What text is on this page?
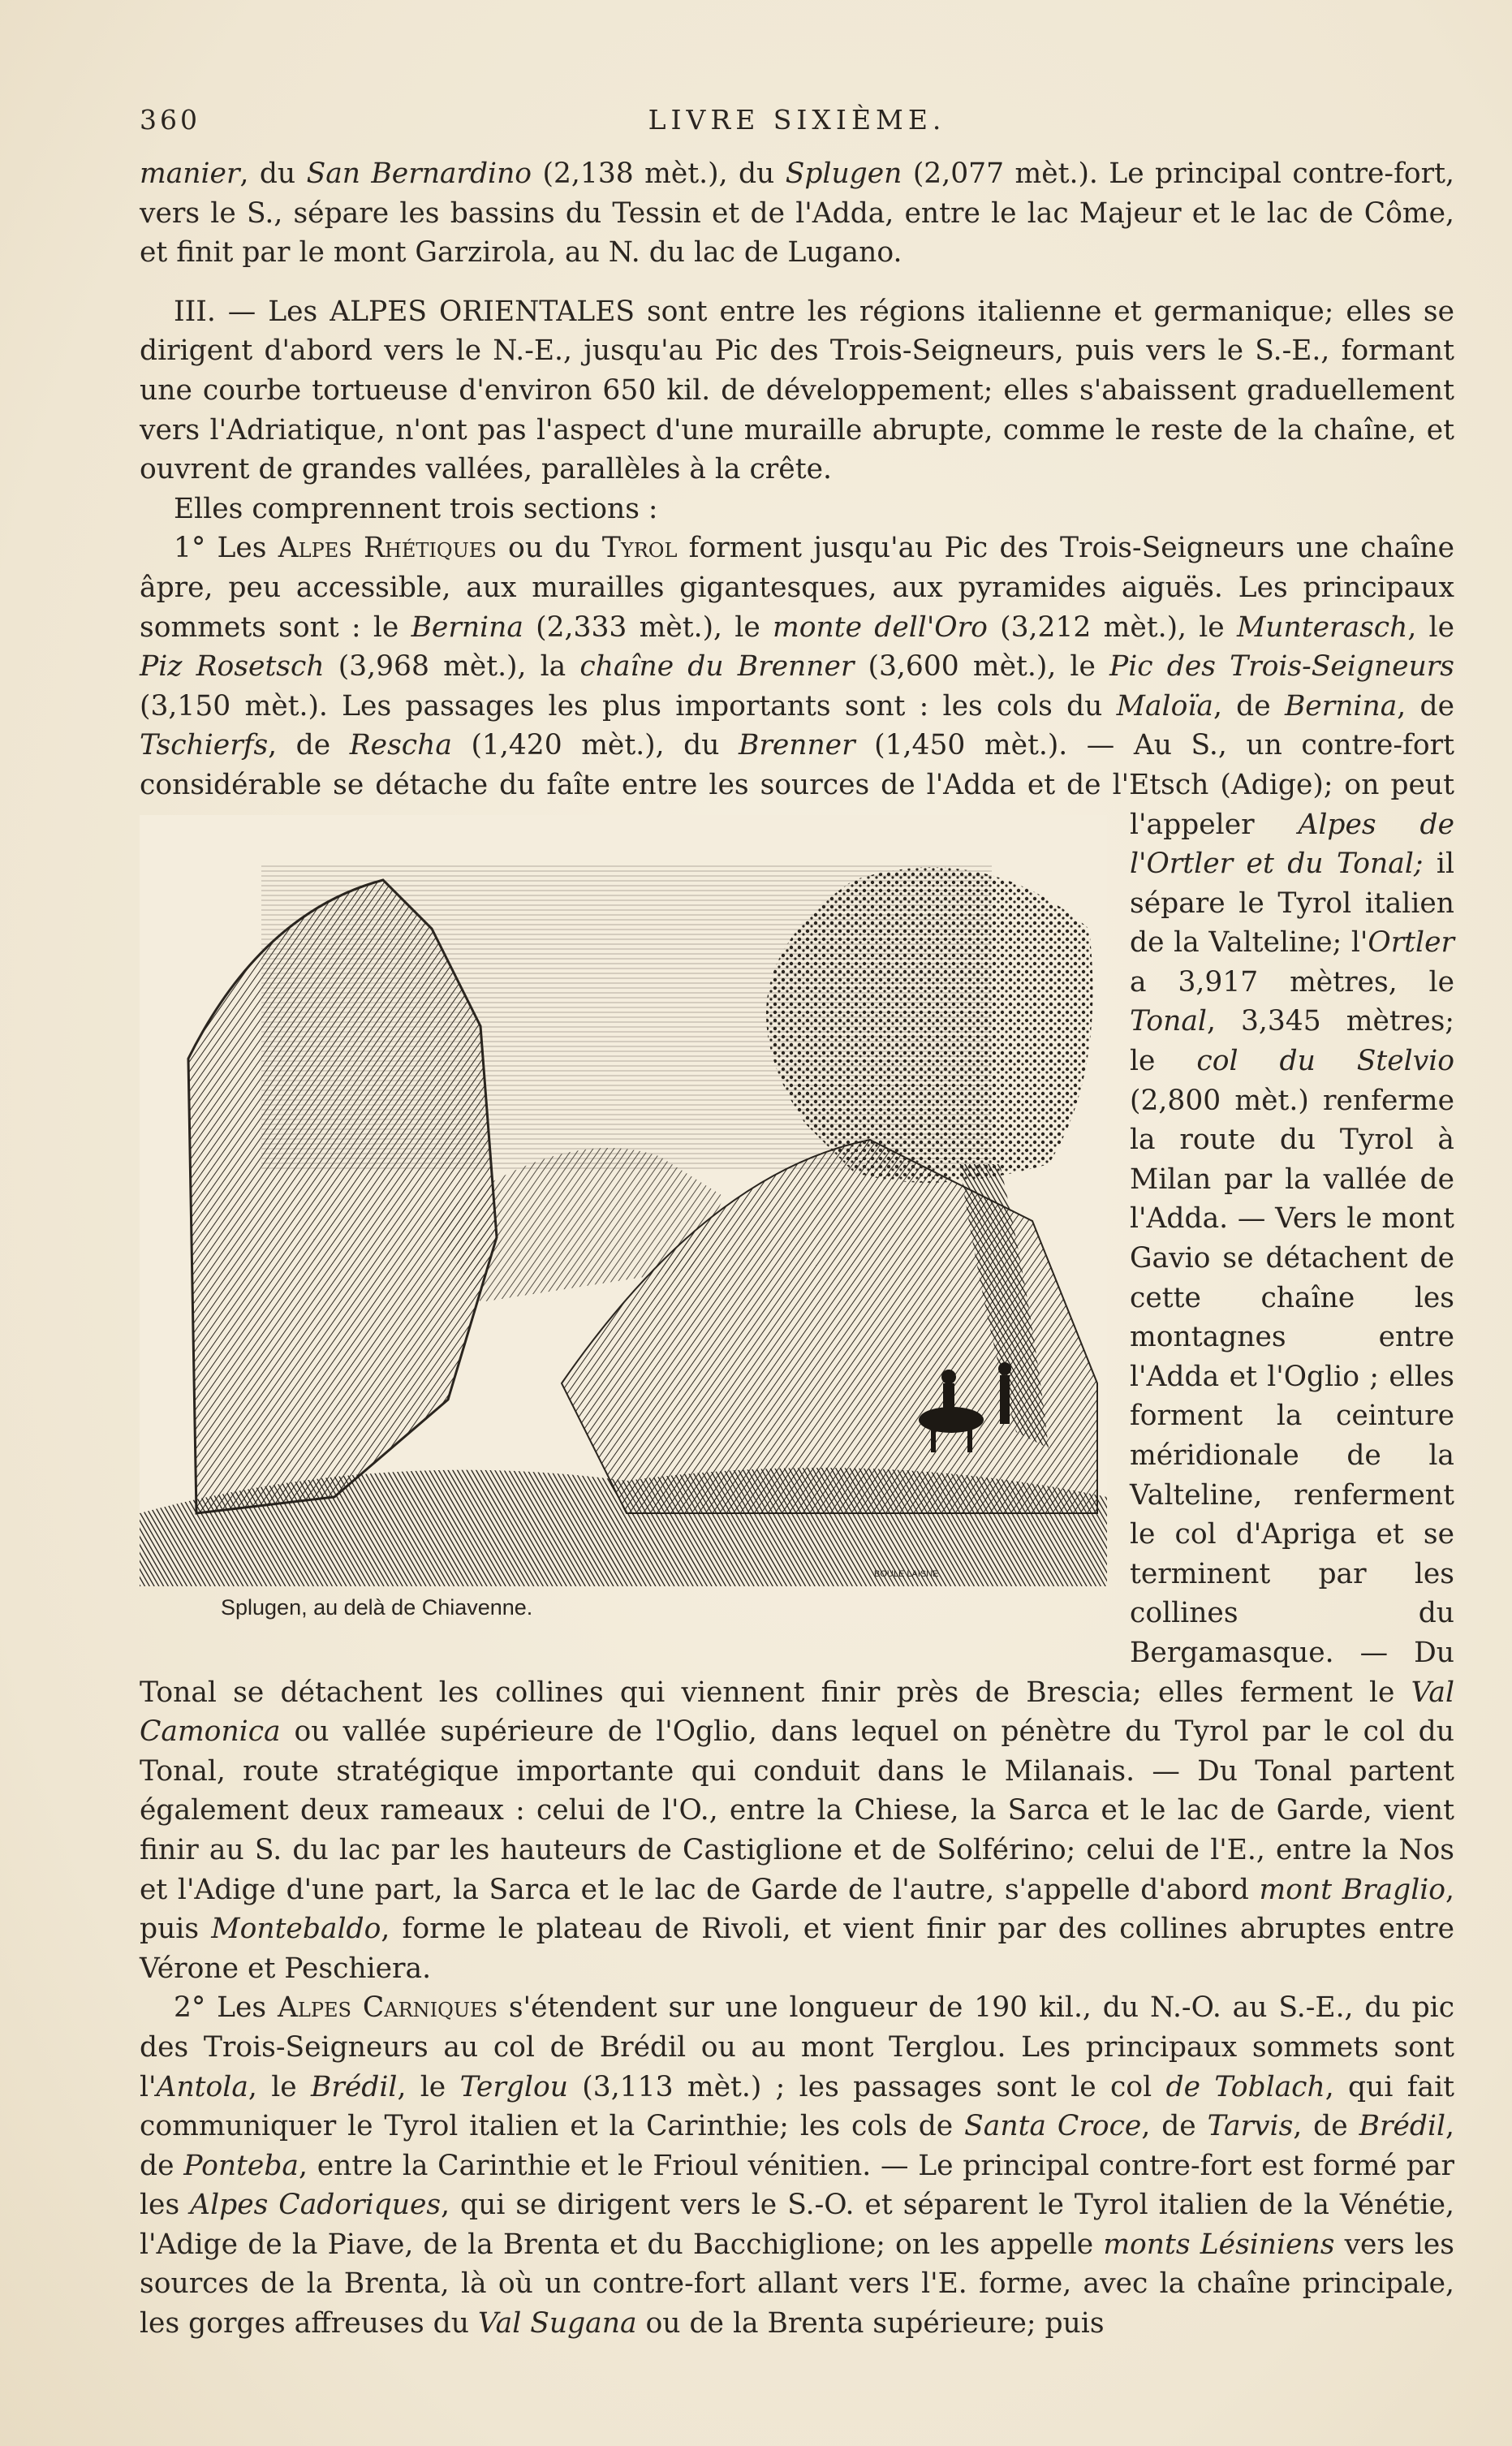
360	LIVRE SIXIÈME.

manier, du San Bernardino (2,138 mèt.), du Splugen (2,077 mèt.). Le principal contre-fort, vers le S., sépare les bassins du Tessin et de l'Adda, entre le lac Majeur et le lac de Côme, et finit par le mont Garzirola, au N. du lac de Lugano.

III. — Les ALPES ORIENTALES sont entre les régions italienne et germanique; elles se dirigent d'abord vers le N.-E., jusqu'au Pic des Trois-Seigneurs, puis vers le S.-E., formant une courbe tortueuse d'environ 650 kil. de développement; elles s'abaissent graduellement vers l'Adriatique, n'ont pas l'aspect d'une muraille abrupte, comme le reste de la chaîne, et ouvrent de grandes vallées, parallèles à la crête.

Elles comprennent trois sections :

1° Les Alpes Rhétiques ou du Tyrol forment jusqu'au Pic des Trois-Seigneurs une chaîne âpre, peu accessible, aux murailles gigantesques, aux pyramides aiguës. Les principaux sommets sont : le Bernina (2,333 mèt.), le monte dell'Oro (3,212 mèt.), le Munterasch, le Piz Rosetsch (3,968 mèt.), la chaîne du Brenner (3,600 mèt.), le Pic des Trois-Seigneurs (3,150 mèt.). Les passages les plus importants sont : les cols du Maloïa, de Bernina, de Tschierfs, de Rescha (1,420 mèt.), du Brenner (1,450 mèt.). — Au S., un contre-fort considérable se détache du faîte entre les sources de l'Adda et de l'Etsch (Adige); on peut l'appeler
BOULE LAISNE
Splugen, au delà de Chiavenne.
Alpes de l'Ortler et du Tonal; il sépare le Tyrol italien de la Valteline; l'Ortler a 3,917 mètres, le Tonal, 3,345 mètres; le col du Stelvio (2,800 mèt.) renferme la route du Tyrol à Milan par la vallée de l'Adda. — Vers le mont Gavio se détachent de cette chaîne les montagnes entre l'Adda et l'Oglio ; elles forment la ceinture méridionale de la Valteline, renferment le col d'Apriga et se terminent par les collines du Bergamasque. — Du Tonal se détachent les collines qui viennent finir près de Brescia; elles ferment le Val Camonica ou vallée supérieure de l'Oglio, dans lequel on pénètre du Tyrol par le col du Tonal, route stratégique importante qui conduit dans le Milanais. — Du Tonal partent également deux rameaux : celui de l'O., entre la Chiese, la Sarca et le lac de Garde, vient finir au S. du lac par les hauteurs de Castiglione et de Solférino; celui de l'E., entre la Nos et l'Adige d'une part, la Sarca et le lac de Garde de l'autre, s'appelle d'abord mont Braglio, puis Montebaldo, forme le plateau de Rivoli, et vient finir par des collines abruptes entre Vérone et Peschiera.

2° Les Alpes Carniques s'étendent sur une longueur de 190 kil., du N.-O. au S.-E., du pic des Trois-Seigneurs au col de Brédil ou au mont Terglou. Les principaux sommets sont l'Antola, le Brédil, le Terglou (3,113 mèt.) ; les passages sont le col de Toblach, qui fait communiquer le Tyrol italien et la Carinthie; les cols de Santa Croce, de Tarvis, de Brédil, de Ponteba, entre la Carinthie et le Frioul vénitien. — Le principal contre-fort est formé par les Alpes Cadoriques, qui se dirigent vers le S.-O. et séparent le Tyrol italien de la Vénétie, l'Adige de la Piave, de la Brenta et du Bacchiglione; on les appelle monts Lésiniens vers les sources de la Brenta, là où un contre-fort allant vers l'E. forme, avec la chaîne principale, les gorges affreuses du Val Sugana ou de la Brenta supérieure; puis
